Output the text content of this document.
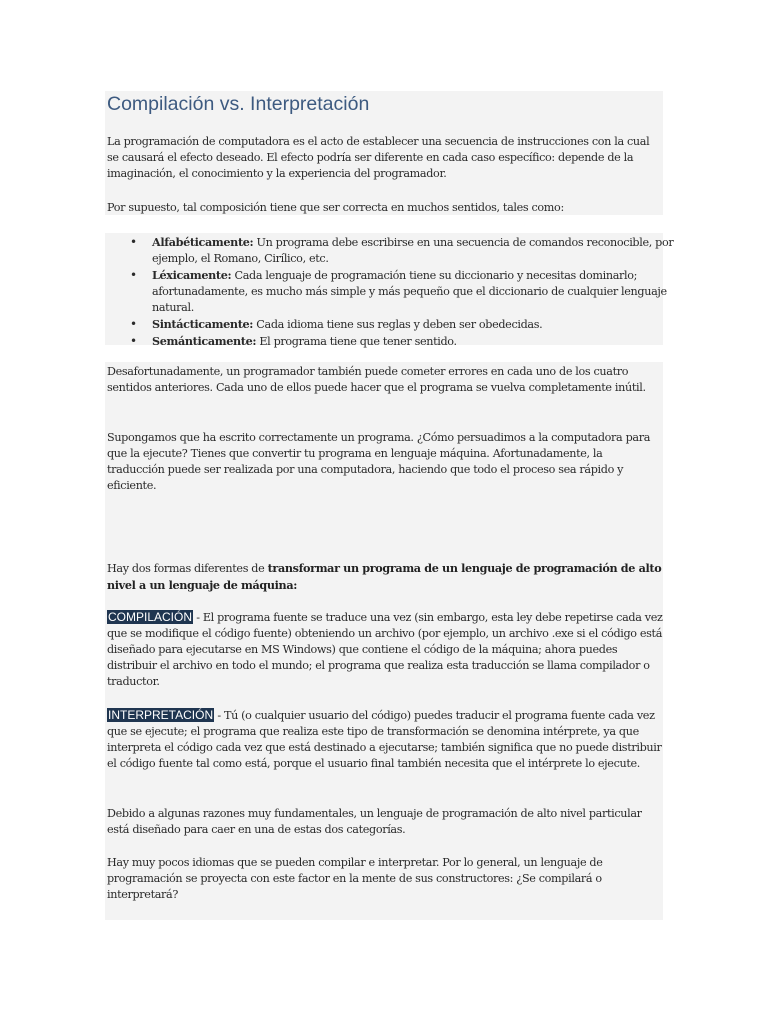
Compilación vs. Interpretación

La programación de computadora es el acto de establecer una secuencia de instrucciones con la cual se causará el efecto deseado. El efecto podría ser diferente en cada caso específico: depende de la imaginación, el conocimiento y la experiencia del programador.

Por supuesto, tal composición tiene que ser correcta en muchos sentidos, tales como:

• Alfabéticamente: Un programa debe escribirse en una secuencia de comandos reconocible, por ejemplo, el Romano, Cirílico, etc.
• Léxicamente: Cada lenguaje de programación tiene su diccionario y necesitas dominarlo; afortunadamente, es mucho más simple y más pequeño que el diccionario de cualquier lenguaje natural.
• Sintácticamente: Cada idioma tiene sus reglas y deben ser obedecidas.
• Semánticamente: El programa tiene que tener sentido.

Desafortunadamente, un programador también puede cometer errores en cada uno de los cuatro sentidos anteriores. Cada uno de ellos puede hacer que el programa se vuelva completamente inútil.

Supongamos que ha escrito correctamente un programa. ¿Cómo persuadimos a la computadora para que la ejecute? Tienes que convertir tu programa en lenguaje máquina. Afortunadamente, la traducción puede ser realizada por una computadora, haciendo que todo el proceso sea rápido y eficiente.

Hay dos formas diferentes de transformar un programa de un lenguaje de programación de alto nivel a un lenguaje de máquina:

COMPILACIÓN - El programa fuente se traduce una vez (sin embargo, esta ley debe repetirse cada vez que se modifique el código fuente) obteniendo un archivo (por ejemplo, un archivo .exe si el código está diseñado para ejecutarse en MS Windows) que contiene el código de la máquina; ahora puedes distribuir el archivo en todo el mundo; el programa que realiza esta traducción se llama compilador o traductor.

INTERPRETACIÓN - Tú (o cualquier usuario del código) puedes traducir el programa fuente cada vez que se ejecute; el programa que realiza este tipo de transformación se denomina intérprete, ya que interpreta el código cada vez que está destinado a ejecutarse; también significa que no puede distribuir el código fuente tal como está, porque el usuario final también necesita que el intérprete lo ejecute.

Debido a algunas razones muy fundamentales, un lenguaje de programación de alto nivel particular está diseñado para caer en una de estas dos categorías.

Hay muy pocos idiomas que se pueden compilar e interpretar. Por lo general, un lenguaje de programación se proyecta con este factor en la mente de sus constructores: ¿Se compilará o interpretará?
